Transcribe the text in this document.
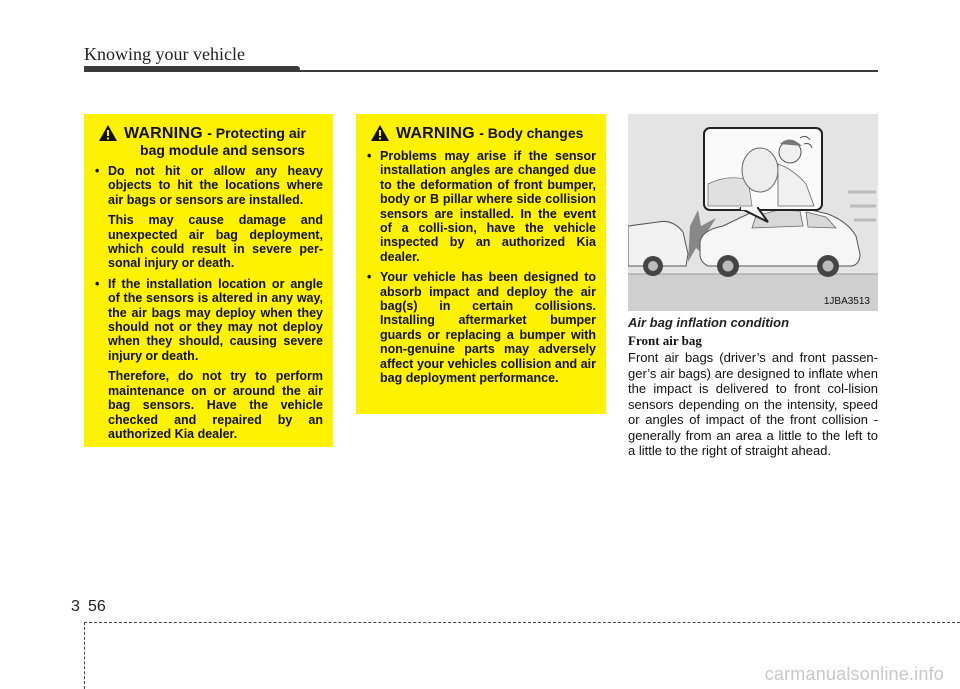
Knowing your vehicle
WARNING - Protecting air
bag module and sensors

• Do not hit or allow any heavy objects to hit the locations where air bags or sensors are installed.

This may cause damage and unexpected air bag deployment, which could result in severe per-sonal injury or death.

• If the installation location or angle of the sensors is altered in any way, the air bags may deploy when they should not or they may not deploy when they should, causing severe injury or death.

Therefore, do not try to perform maintenance on or around the air bag sensors. Have the vehicle checked and repaired by an authorized Kia dealer.

WARNING - Body changes

• Problems may arise if the sensor installation angles are changed due to the deformation of front bumper, body or B pillar where side collision sensors are installed. In the event of a colli-sion, have the vehicle inspected by an authorized Kia dealer.

• Your vehicle has been designed to absorb impact and deploy the air bag(s) in certain collisions. Installing aftermarket bumper guards or replacing a bumper with non-genuine parts may adversely affect your vehicles collision and air bag deployment performance.

1JBA3513
Air bag inflation condition
Front air bag
Front air bags (driver’s and front passen-ger’s air bags) are designed to inflate when the impact is delivered to front col-lision sensors depending on the intensity, speed or angles of impact of the front collision - generally from an area a little to the left to a little to the right of straight ahead.
3 56
carmanualsonline.info
